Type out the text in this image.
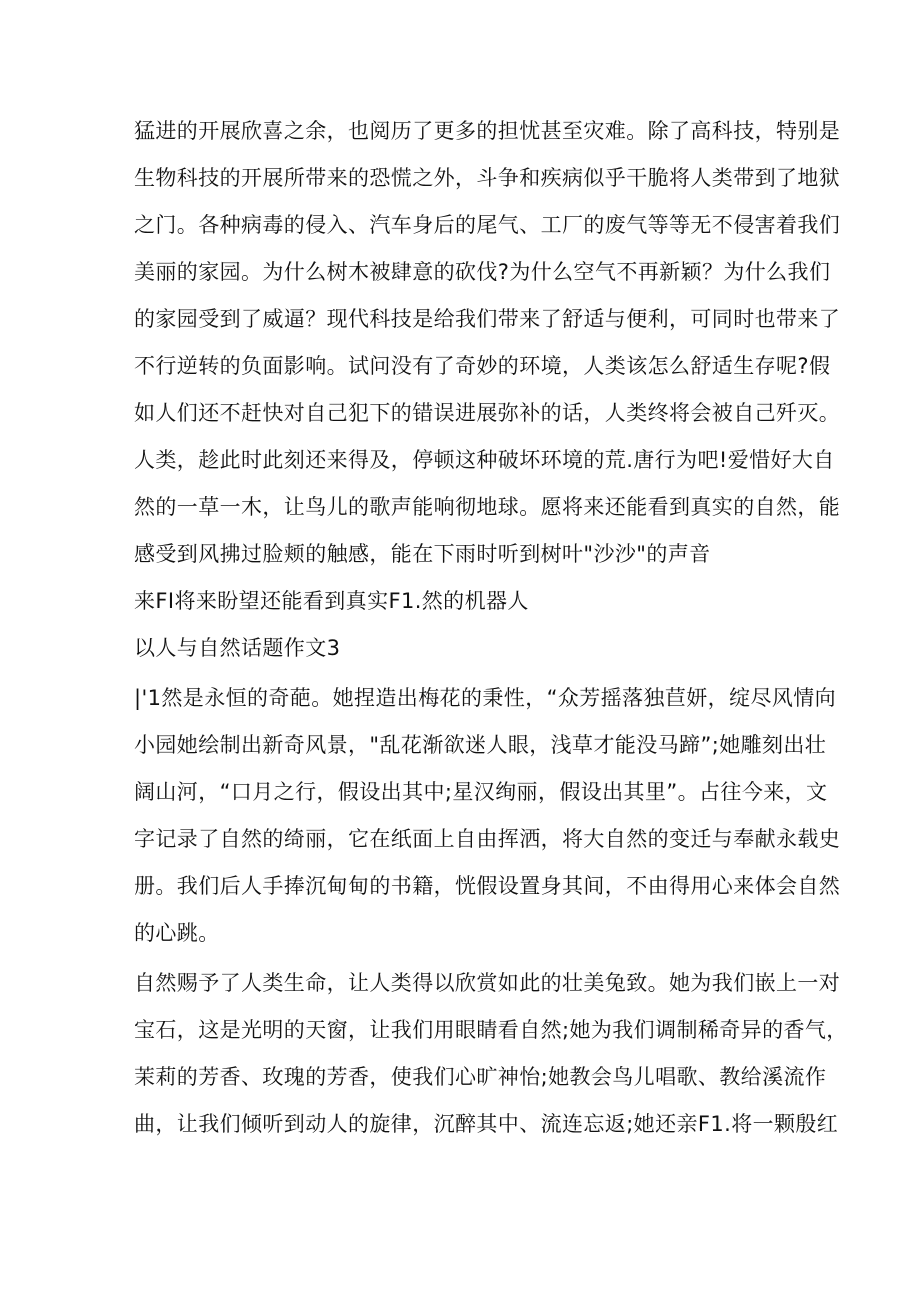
猛进的开展欣喜之余，也阅历了更多的担忧甚至灾难。除了高科技，特别是
生物科技的开展所带来的恐慌之外，斗争和疾病似乎干脆将人类带到了地狱
之门。各种病毒的侵入、汽车身后的尾气、工厂的废气等等无不侵害着我们
美丽的家园。为什么树木被肆意的砍伐?为什么空气不再新颖？为什么我们
的家园受到了威逼？现代科技是给我们带来了舒适与便利，可同时也带来了
不行逆转的负面影响。试问没有了奇妙的环境，人类该怎么舒适生存呢?假
如人们还不赶快对自己犯下的错误进展弥补的话，人类终将会被自己歼灭。
人类，趁此时此刻还来得及，停顿这种破坏环境的荒.唐行为吧!爱惜好大自
然的一草一木，让鸟儿的歌声能响彻地球。愿将来还能看到真实的自然，能
感受到风拂过脸颊的触感，能在下雨时听到树叶"沙沙"的声音
来FI将来盼望还能看到真实F1.然的机器人
以人与自然话题作文3
|'1然是永恒的奇葩。她捏造出梅花的秉性，“众芳摇落独苣妍，绽尽风情向
小园她绘制出新奇风景，"乱花渐欲迷人眼，浅草才能没马蹄”;她雕刻出壮
阔山河，“口月之行，假设出其中;星汉绚丽，假设出其里”。占往今来，文
字记录了自然的绮丽，它在纸面上自由挥洒，将大自然的变迁与奉献永载史
册。我们后人手捧沉甸甸的书籍，恍假设置身其间，不由得用心来体会自然
的心跳。
自然赐予了人类生命，让人类得以欣赏如此的壮美兔致。她为我们嵌上一对
宝石，这是光明的天窗，让我们用眼睛看自然;她为我们调制稀奇异的香气，
茉莉的芳香、玫瑰的芳香，使我们心旷神怡;她教会鸟儿唱歌、教给溪流作
曲，让我们倾听到动人的旋律，沉醉其中、流连忘返;她还亲F1.将一颗殷红
